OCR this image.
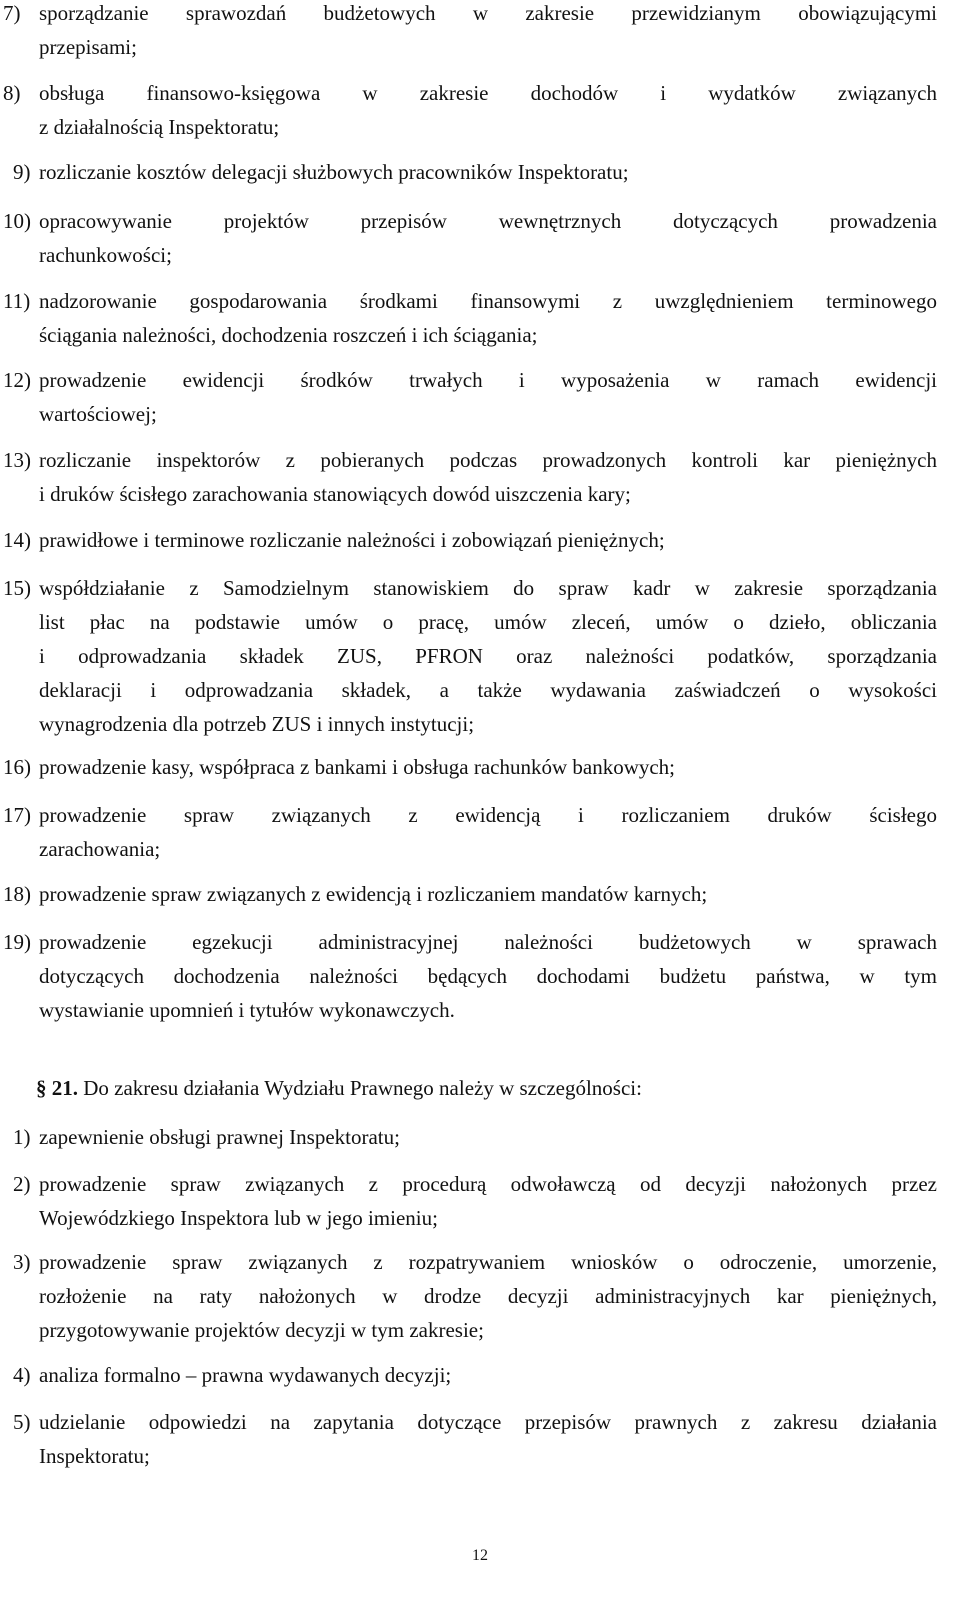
7) sporządzanie sprawozdań budżetowych w zakresie przewidzianym obowiązującymi
przepisami;
8) obsługa finansowo-księgowa w zakresie dochodów i wydatków związanych
z działalnością Inspektoratu;
9) rozliczanie kosztów delegacji służbowych pracowników Inspektoratu;
10) opracowywanie projektów przepisów wewnętrznych dotyczących prowadzenia
rachunkowości;
11) nadzorowanie gospodarowania środkami finansowymi z uwzględnieniem terminowego
ściągania należności, dochodzenia roszczeń i ich ściągania;
12) prowadzenie ewidencji środków trwałych i wyposażenia w ramach ewidencji
wartościowej;
13) rozliczanie inspektorów z pobieranych podczas prowadzonych kontroli kar pieniężnych
i druków ścisłego zarachowania stanowiących dowód uiszczenia kary;
14) prawidłowe i terminowe rozliczanie należności i zobowiązań pieniężnych;
15) współdziałanie z Samodzielnym stanowiskiem do spraw kadr w zakresie sporządzania
list płac na podstawie umów o pracę, umów zleceń, umów o dzieło, obliczania
i odprowadzania składek ZUS, PFRON oraz należności podatków, sporządzania
deklaracji i odprowadzania składek, a także wydawania zaświadczeń o wysokości
wynagrodzenia dla potrzeb ZUS i innych instytucji;
16) prowadzenie kasy, współpraca z bankami i obsługa rachunków bankowych;
17) prowadzenie spraw związanych z ewidencją i rozliczaniem druków ścisłego
zarachowania;
18) prowadzenie spraw związanych z ewidencją i rozliczaniem mandatów karnych;
19) prowadzenie egzekucji administracyjnej należności budżetowych w sprawach
dotyczących dochodzenia należności będących dochodami budżetu państwa, w tym
wystawianie upomnień i tytułów wykonawczych.
§ 21. Do zakresu działania Wydziału Prawnego należy w szczególności:
1) zapewnienie obsługi prawnej Inspektoratu;
2) prowadzenie spraw związanych z procedurą odwoławczą od decyzji nałożonych przez
Wojewódzkiego Inspektora lub w jego imieniu;
3) prowadzenie spraw związanych z rozpatrywaniem wniosków o odroczenie, umorzenie,
rozłożenie na raty nałożonych w drodze decyzji administracyjnych kar pieniężnych,
przygotowywanie projektów decyzji w tym zakresie;
4) analiza formalno – prawna wydawanych decyzji;
5) udzielanie odpowiedzi na zapytania dotyczące przepisów prawnych z zakresu działania
Inspektoratu;
12
